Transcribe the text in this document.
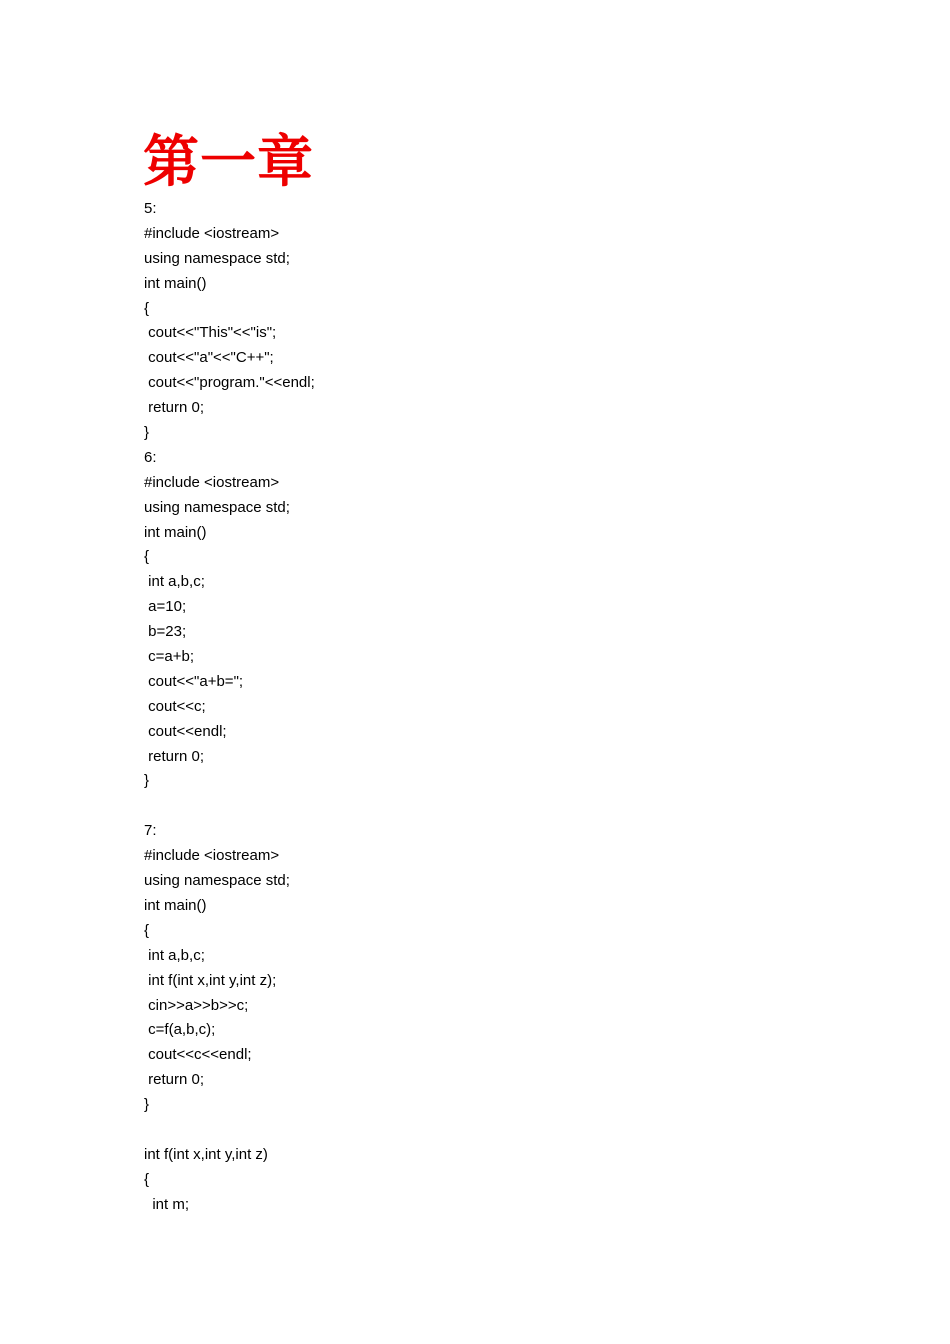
第一章
5:
#include <iostream>
using namespace std;
int main()
{
cout<<"This"<<"is";
cout<<"a"<<"C++";
cout<<"program."<<endl;
return 0;
}
6:
#include <iostream>
using namespace std;
int main()
{
int a,b,c;
a=10;
b=23;
c=a+b;
cout<<"a+b=";
cout<<c;
cout<<endl;
return 0;
}
7:
#include <iostream>
using namespace std;
int main()
{
int a,b,c;
int f(int x,int y,int z);
cin>>a>>b>>c;
c=f(a,b,c);
cout<<c<<endl;
return 0;
}
int f(int x,int y,int z)
{
int m;
